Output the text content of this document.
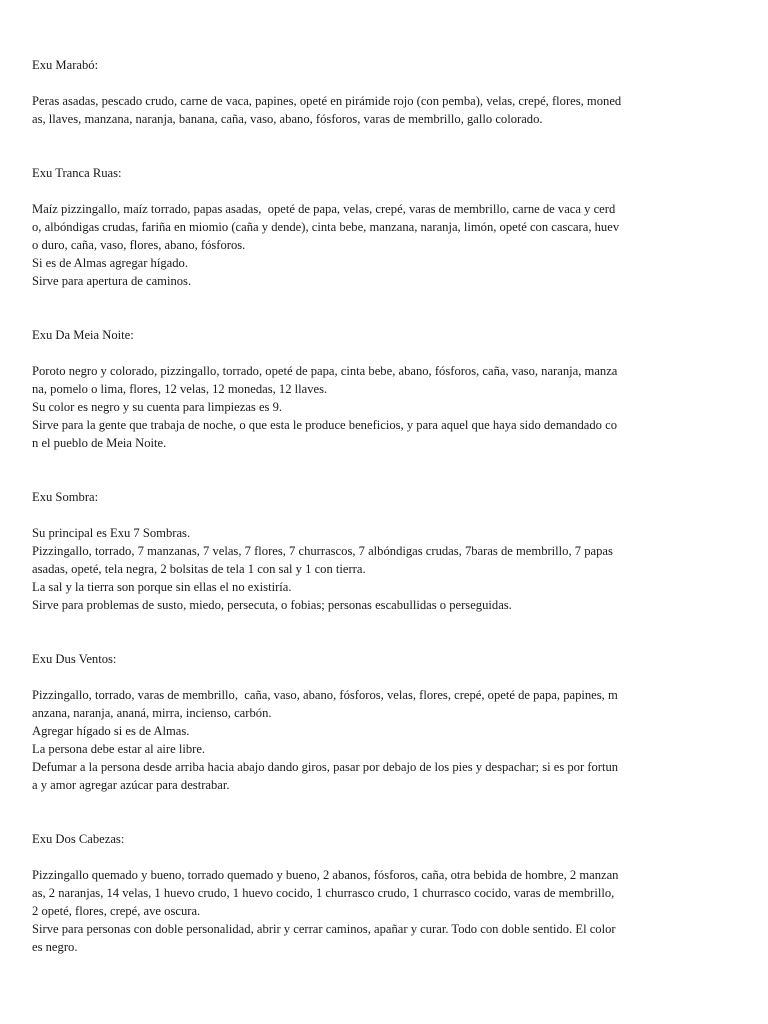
Exu Marabó:
Peras asadas, pescado crudo, carne de vaca, papines, opeté en pirámide rojo (con pemba), velas, crepé, flores, moned
as, llaves, manzana, naranja, banana, caña, vaso, abano, fósforos, varas de membrillo, gallo colorado.
Exu Tranca Ruas:
Maíz pizzingallo, maíz torrado, papas asadas,  opeté de papa, velas, crepé, varas de membrillo, carne de vaca y cerd
o, albóndigas crudas, fariña en miomio (caña y dende), cinta bebe, manzana, naranja, limón, opeté con cascara, huev
o duro, caña, vaso, flores, abano, fósforos.
Si es de Almas agregar hígado.
Sirve para apertura de caminos.
Exu Da Meia Noite:
Poroto negro y colorado, pizzingallo, torrado, opeté de papa, cinta bebe, abano, fósforos, caña, vaso, naranja, manza
na, pomelo o lima, flores, 12 velas, 12 monedas, 12 llaves.
Su color es negro y su cuenta para limpiezas es 9.
Sirve para la gente que trabaja de noche, o que esta le produce beneficios, y para aquel que haya sido demandado co
n el pueblo de Meia Noite.
Exu Sombra:
Su principal es Exu 7 Sombras.
Pizzingallo, torrado, 7 manzanas, 7 velas, 7 flores, 7 churrascos, 7 albóndigas crudas, 7baras de membrillo, 7 papas
asadas, opeté, tela negra, 2 bolsitas de tela 1 con sal y 1 con tierra.
La sal y la tierra son porque sin ellas el no existiría.
Sirve para problemas de susto, miedo, persecuta, o fobias; personas escabullidas o perseguidas.
Exu Dus Ventos:
Pizzingallo, torrado, varas de membrillo,  caña, vaso, abano, fósforos, velas, flores, crepé, opeté de papa, papines, m
anzana, naranja, ananá, mirra, incienso, carbón.
Agregar hígado si es de Almas.
La persona debe estar al aire libre.
Defumar a la persona desde arriba hacia abajo dando giros, pasar por debajo de los pies y despachar; si es por fortun
a y amor agregar azúcar para destrabar.
Exu Dos Cabezas:
Pizzingallo quemado y bueno, torrado quemado y bueno, 2 abanos, fósforos, caña, otra bebida de hombre, 2 manzan
as, 2 naranjas, 14 velas, 1 huevo crudo, 1 huevo cocido, 1 churrasco crudo, 1 churrasco cocido, varas de membrillo,
2 opeté, flores, crepé, ave oscura.
Sirve para personas con doble personalidad, abrir y cerrar caminos, apañar y curar. Todo con doble sentido. El color
es negro.
